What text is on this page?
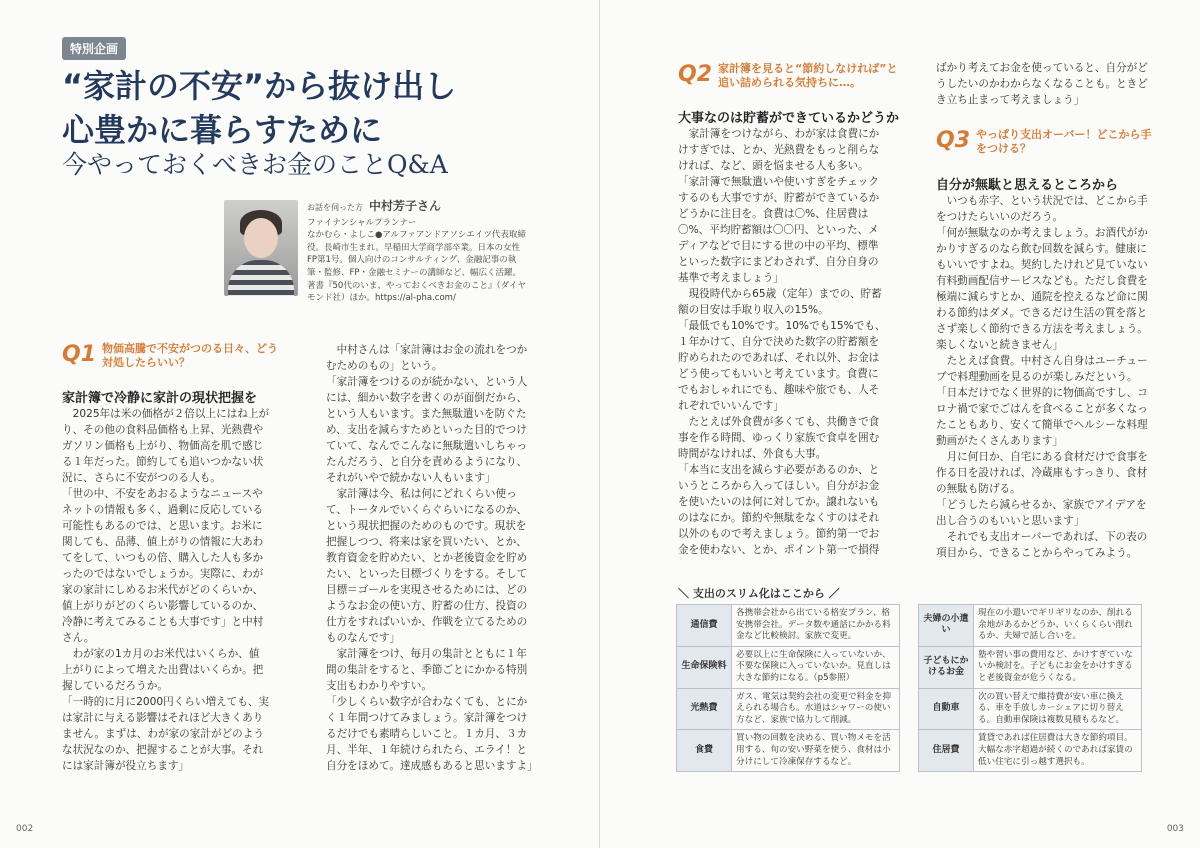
特別企画
“家計の不安”から抜け出し
心豊かに暮らすために
今やっておくべきお金のことQ&A
お話を伺った方 中村芳子さん
ファイナンシャルプランナー
なかむら・よしこ●アルファアンドアソシエイツ代表取締役。長崎市生まれ。早稲田大学商学部卒業。日本の女性FP第1号。個人向けのコンサルティング、金融記事の執筆・監修、FP・金融セミナーの講師など、幅広く活躍。著書『50代のいま、やっておくべきお金のこと』（ダイヤモンド社）ほか。https://al-pha.com/
Q1 物価高騰で不安がつのる日々、どう対処したらいい？
家計簿で冷静に家計の現状把握を

　2025年は米の価格が２倍以上にはね上がり、その他の食料品価格も上昇、光熱費やガソリン価格も上がり、物価高を肌で感じる１年だった。節約しても追いつかない状況に、さらに不安がつのる人も。

「世の中、不安をあおるようなニュースやネットの情報も多く、過剰に反応している可能性もあるのでは、と思います。お米に関しても、品薄、値上がりの情報に大あわてをして、いつもの倍、購入した人も多かったのではないでしょうか。実際に、わが家の家計にしめるお米代がどのくらいか、値上がりがどのくらい影響しているのか、冷静に考えてみることも大事です」と中村さん。

　わが家の1カ月のお米代はいくらか、値上がりによって増えた出費はいくらか。把握しているだろうか。

「一時的に月に2000円くらい増えても、実は家計に与える影響はそれほど大きくありません。まずは、わが家の家計がどのような状況なのか、把握することが大事。それには家計簿が役立ちます」

　中村さんは「家計簿はお金の流れをつかむためのもの」という。

「家計簿をつけるのが続かない、という人には、細かい数字を書くのが面倒だから、という人もいます。また無駄遣いを防ぐため、支出を減らすためといった目的でつけていて、なんでこんなに無駄遣いしちゃったんだろう、と自分を責めるようになり、それがいやで続かない人もいます」

　家計簿は今、私は何にどれくらい使って、トータルでいくらぐらいになるのか、という現状把握のためのものです。現状を把握しつつ、将来は家を買いたい、とか、教育資金を貯めたい、とか老後資金を貯めたい、といった目標づくりをする。そして目標＝ゴールを実現させるためには、どのようなお金の使い方、貯蓄の仕方、投資の仕方をすればいいか、作戦を立てるためのものなんです」

　家計簿をつけ、毎月の集計とともに１年間の集計をすると、季節ごとにかかる特別支出もわかりやすい。

「少しくらい数字が合わなくても、とにかく１年間つけてみましょう。家計簿をつけるだけでも素晴らしいこと。１カ月、３カ月、半年、１年続けられたら、エライ！と自分をほめて。達成感もあると思いますよ」

002	003
Q2 家計簿を見ると“節約しなければ”と追い詰められる気持ちに…。
大事なのは貯蓄ができているかどうか

　家計簿をつけながら、わが家は食費にかけすぎでは、とか、光熱費をもっと削らなければ、など、頭を悩ませる人も多い。

「家計簿で無駄遣いや使いすぎをチェックするのも大事ですが、貯蓄ができているかどうかに注目を。食費は〇%、住居費は〇%、平均貯蓄額は〇〇円、といった、メディアなどで目にする世の中の平均、標準といった数字にまどわされず、自分自身の基準で考えましょう」

　現役時代から65歳（定年）までの、貯蓄額の目安は手取り収入の15%。

「最低でも10%です。10%でも15%でも、１年かけて、自分で決めた数字の貯蓄額を貯められたのであれば、それ以外、お金はどう使ってもいいと考えています。食費にでもおしゃれにでも、趣味や旅でも、人それぞれでいいんです」

　たとえば外食費が多くても、共働きで食事を作る時間、ゆっくり家族で食卓を囲む時間がなければ、外食も大事。

「本当に支出を減らす必要があるのか、というところから入ってほしい。自分がお金を使いたいのは何に対してか。譲れないものはなにか。節約や無駄をなくすのはそれ以外のもので考えましょう。節約第一でお金を使わない、とか、ポイント第一で損得

ばかり考えてお金を使っていると、自分がどうしたいのかわからなくなることも。ときどき立ち止まって考えましょう」

Q3 やっぱり支出オーバー！どこから手をつける？
自分が無駄と思えるところから

　いつも赤字、という状況では、どこから手をつけたらいいのだろう。

「何が無駄なのか考えましょう。お酒代がかかりすぎるのなら飲む回数を減らす。健康にもいいですよね。契約したけれど見ていない有料動画配信サービスなども。ただし食費を極端に減らすとか、通院を控えるなど命に関わる節約はダメ。できるだけ生活の質を落とさず楽しく節約できる方法を考えましょう。楽しくないと続きません」

　たとえば食費。中村さん自身はユーチューブで料理動画を見るのが楽しみだという。

「日本だけでなく世界的に物価高ですし、コロナ禍で家でごはんを食べることが多くなったこともあり、安くて簡単でヘルシーな料理動画がたくさんあります」

　月に何日か、自宅にある食材だけで食事を作る日を設ければ、冷蔵庫もすっきり、食材の無駄も防げる。

「どうしたら減らせるか、家族でアイデアを出し合うのもいいと思います」

　それでも支出オーバーであれば、下の表の項目から、できることからやってみよう。

＼ 支出のスリム化はここから ／
通信費	各携帯会社から出ている格安プラン、格安携帯会社。データ数や通話にかかる料金など比較検討。家族で変更。
生命保険料	必要以上に生命保険に入っていないか、不要な保険に入っていないか。見直しは大きな節約になる。（p5参照）
光熱費	ガス、電気は契約会社の変更で料金を抑えられる場合も。水道はシャワーの使い方など、家族で協力して削減。
食費	買い物の回数を決める、買い物メモを活用する、旬の安い野菜を使う、食材は小分けにして冷凍保存するなど。
夫婦の小遣い	現在の小遣いでギリギリなのか、削れる余地があるかどうか、いくらくらい削れるか、夫婦で話し合いを。
子どもにかけるお金	塾や習い事の費用など、かけすぎていないか検討を。子どもにお金をかけすぎると老後資金が危うくなる。
自動車	次の買い替えで維持費が安い車に換える、車を手放しカーシェアに切り替える。自動車保険は複数見積もるなど。
住居費	賃貸であれば住居費は大きな節約項目。大幅な赤字超過が続くのであれば家賃の低い住宅に引っ越す選択も。
